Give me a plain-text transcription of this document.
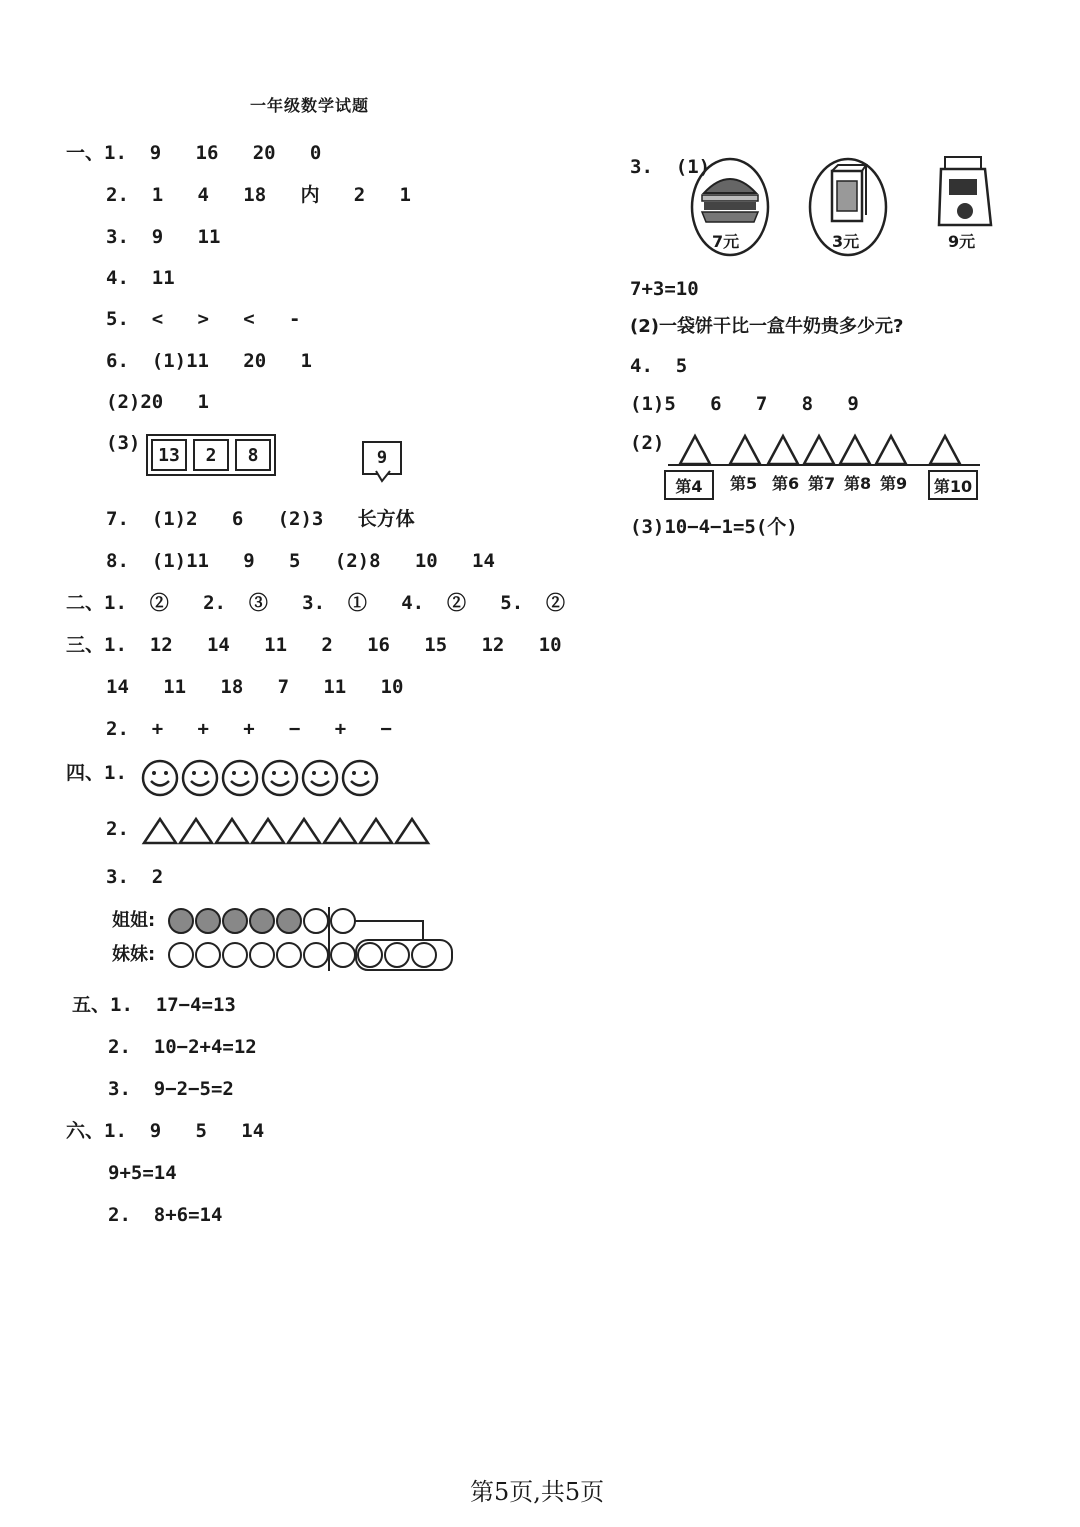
一年级数学试题
一、1.  9   16   20   0
2.  1   4   18   内   2   1
3.  9   11
4.  11
5.  <   >   <   -
6.  (1)11   20   1
(2)20   1
(3)
13	2	8	9
7.  (1)2   6   (2)3   长方体
8.  (1)11   9   5   (2)8   10   14
二、1.  ②   2.  ③   3.  ①   4.  ②   5.  ②
三、1.  12   14   11   2   16   15   12   10
14   11   18   7   11   10
2.  +   +   +   −   +   −
四、1.
2.
3.  2
姐姐:
妹妹:
五、1.  17−4=13
2.  10−2+4=12
3.  9−2−5=2
六、1.  9   5   14
9+5=14
2.  8+6=14
3.  (1)
7元	3元	9元
7+3=10
(2)一袋饼干比一盒牛奶贵多少元?
4.  5
(1)5   6   7   8   9
(2)
第4	第5 第6 第7 第8 第9	第10
(3)10−4−1=5(个)
第5页,共5页
